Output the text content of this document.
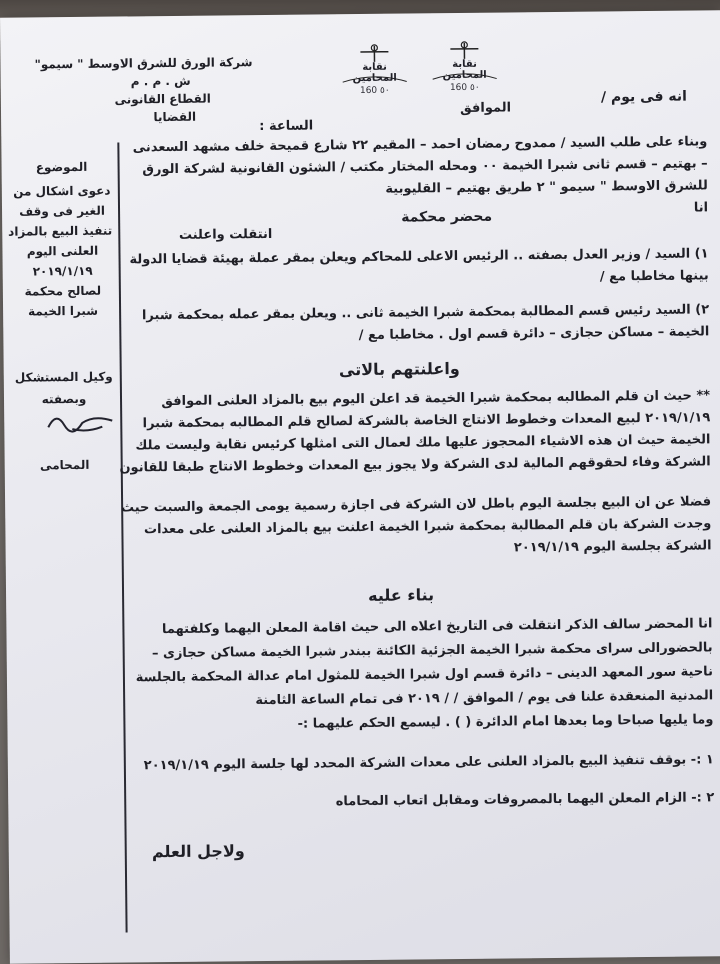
شركة الورق للشرق الاوسط " سيمو"
ش . م . م
القطاع القانونى
القضايا
نقابة المحامين
160 ٥٠
نقابة المحامين
160 ٥٠
انه فى يوم /
الموافق
الساعة :
الموضوع
دعوى اشكال من
الغير فى وقف
تنفيذ البيع بالمزاد
العلنى اليوم
٢٠١٩/١/١٩
لصالح محكمة
شبرا الخيمة
وكيل المستشكل
وبصفته
المحامى
وبناء على طلب السيد / ممدوح رمضان احمد – المقيم ٢٢ شارع قميحة خلف مشهد السعدنى
– بهتيم – قسم ثانى شبرا الخيمة ٠٠ ومحله المختار مكتب / الشئون القانونية لشركة الورق
للشرق الاوسط " سيمو " ٢ طريق بهتيم – القليوبية
انا
محضر محكمة
انتقلت واعلنت
١) السيد / وزير العدل بصفته .. الرئيس الاعلى للمحاكم ويعلن بمقر عملة بهيئة قضايا الدولة
بينها مخاطبا مع /
٢) السيد رئيس قسم المطالبة بمحكمة شبرا الخيمة ثانى .. ويعلن بمقر عمله بمحكمة شبرا
الخيمة – مساكن حجازى – دائرة قسم اول . مخاطبا مع /
واعلنتهم بالاتى
** حيث ان قلم المطالبه بمحكمة شبرا الخيمة قد اعلن اليوم بيع بالمزاد العلنى الموافق
٢٠١٩/١/١٩ لبيع المعدات وخطوط الانتاج الخاصة بالشركة لصالح قلم المطالبه بمحكمة شبرا
الخيمة حيث ان هذه الاشياء المحجوز عليها ملك لعمال التى امثلها كرئيس نقابة وليست ملك
الشركة وفاء لحقوقهم المالية لدى الشركة ولا يجوز بيع المعدات وخطوط الانتاج طبقا للقانون
فضلا عن ان البيع بجلسة اليوم باطل لان الشركة فى اجازة رسمية يومى الجمعة والسبت حيث
وجدت الشركة بان قلم المطالبة بمحكمة شبرا الخيمة اعلنت بيع بالمزاد العلنى على معدات
الشركة بجلسة اليوم ٢٠١٩/١/١٩
بناء عليه
انا المحضر سالف الذكر انتقلت فى التاريخ اعلاه الى حيث اقامة المعلن اليهما وكلفتهما
بالحضورالى سراى محكمة شبرا الخيمة الجزئية الكائنة ببندر شبرا الخيمة مساكن حجازى –
ناحية سور المعهد الدينى – دائرة قسم اول شبرا الخيمة للمثول امام عدالة المحكمة بالجلسة
المدنية المنعقدة علنا فى يوم / الموافق / / ٢٠١٩ فى تمام الساعة الثامنة
وما يليها صباحا وما بعدها امام الدائرة ( ) . ليسمع الحكم عليهما :-
١ :- بوقف تنفيذ البيع بالمزاد العلنى على معدات الشركة المحدد لها جلسة اليوم ٢٠١٩/١/١٩
٢ :- الزام المعلن اليهما بالمصروفات ومقابل اتعاب المحاماه
ولاجل العلم
